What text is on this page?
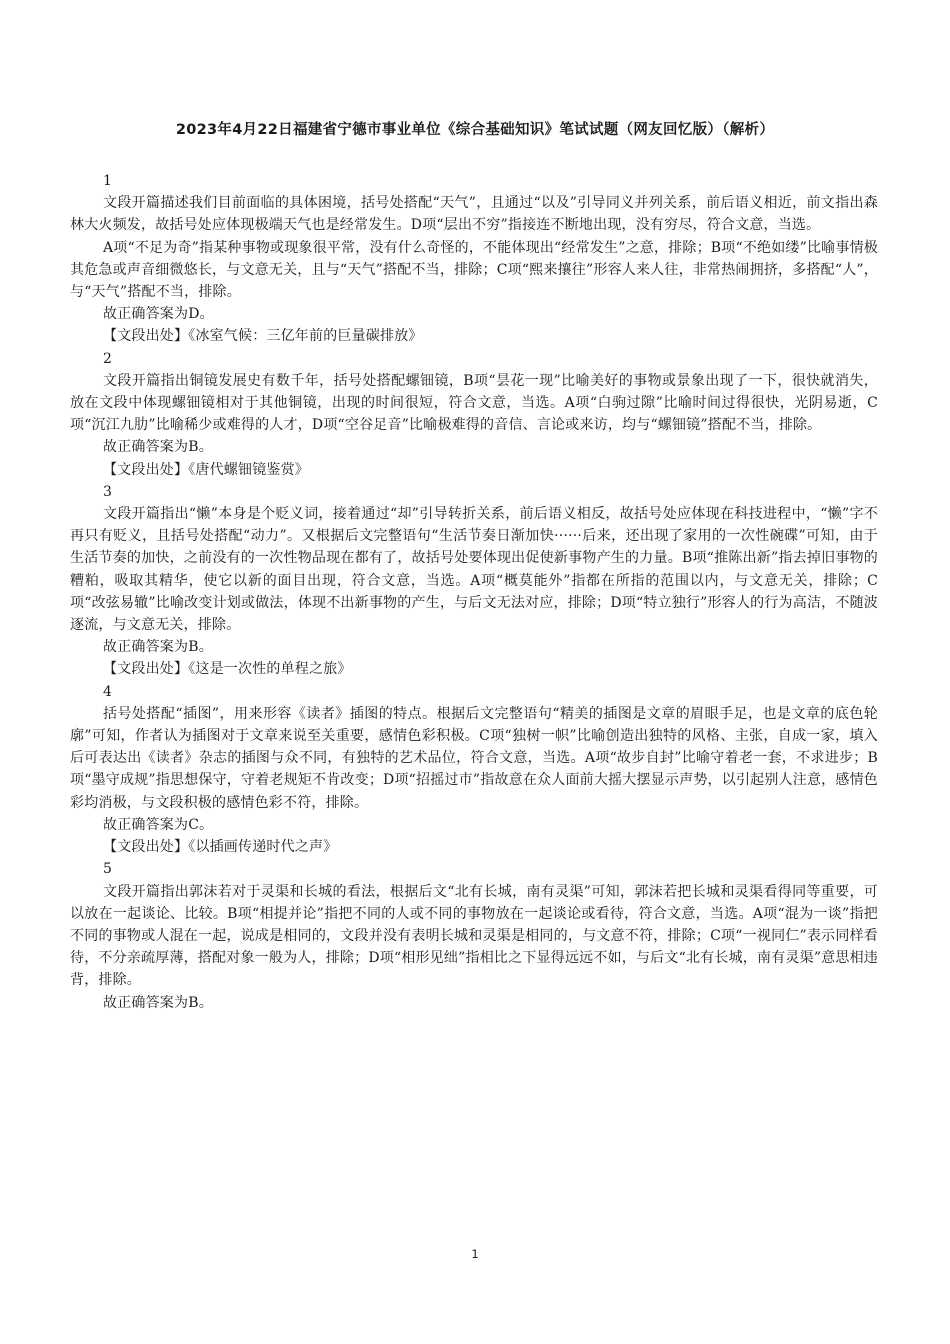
2023年4月22日福建省宁德市事业单位《综合基础知识》笔试试题（网友回忆版）（解析）

1

文段开篇描述我们目前面临的具体困境，括号处搭配“天气”，且通过“以及”引导同义并列关系，前后语义相近，前文指出森林大火频发，故括号处应体现极端天气也是经常发生。D项“层出不穷”指接连不断地出现，没有穷尽，符合文意，当选。

A项“不足为奇”指某种事物或现象很平常，没有什么奇怪的，不能体现出“经常发生”之意，排除；B项“不绝如缕”比喻事情极其危急或声音细微悠长，与文意无关，且与“天气”搭配不当，排除；C项“熙来攘往”形容人来人往，非常热闹拥挤，多搭配“人”，与“天气”搭配不当，排除。

故正确答案为D。

【文段出处】《冰室气候：三亿年前的巨量碳排放》

2

文段开篇指出铜镜发展史有数千年，括号处搭配螺钿镜，B项“昙花一现”比喻美好的事物或景象出现了一下，很快就消失，放在文段中体现螺钿镜相对于其他铜镜，出现的时间很短，符合文意，当选。A项“白驹过隙”比喻时间过得很快，光阴易逝，C项“沉江九肋”比喻稀少或难得的人才，D项“空谷足音”比喻极难得的音信、言论或来访，均与“螺钿镜”搭配不当，排除。

故正确答案为B。

【文段出处】《唐代螺钿镜鉴赏》

3

文段开篇指出“懒”本身是个贬义词，接着通过“却”引导转折关系，前后语义相反，故括号处应体现在科技进程中，“懒”字不再只有贬义，且括号处搭配“动力”。又根据后文完整语句“生活节奏日渐加快······后来，还出现了家用的一次性碗碟”可知，由于生活节奏的加快，之前没有的一次性物品现在都有了，故括号处要体现出促使新事物产生的力量。B项“推陈出新”指去掉旧事物的糟粕，吸取其精华，使它以新的面目出现，符合文意，当选。A项“概莫能外”指都在所指的范围以内，与文意无关，排除；C项“改弦易辙”比喻改变计划或做法，体现不出新事物的产生，与后文无法对应，排除；D项“特立独行”形容人的行为高洁，不随波逐流，与文意无关，排除。

故正确答案为B。

【文段出处】《这是一次性的单程之旅》

4

括号处搭配“插图”，用来形容《读者》插图的特点。根据后文完整语句“精美的插图是文章的眉眼手足，也是文章的底色轮廓”可知，作者认为插图对于文章来说至关重要，感情色彩积极。C项“独树一帜”比喻创造出独特的风格、主张，自成一家，填入后可表达出《读者》杂志的插图与众不同，有独特的艺术品位，符合文意，当选。A项“故步自封”比喻守着老一套，不求进步；B项“墨守成规”指思想保守，守着老规矩不肯改变；D项“招摇过市”指故意在众人面前大摇大摆显示声势，以引起别人注意，感情色彩均消极，与文段积极的感情色彩不符，排除。

故正确答案为C。

【文段出处】《以插画传递时代之声》

5

文段开篇指出郭沫若对于灵渠和长城的看法，根据后文“北有长城，南有灵渠”可知，郭沫若把长城和灵渠看得同等重要，可以放在一起谈论、比较。B项“相提并论”指把不同的人或不同的事物放在一起谈论或看待，符合文意，当选。A项“混为一谈”指把不同的事物或人混在一起，说成是相同的，文段并没有表明长城和灵渠是相同的，与文意不符，排除；C项“一视同仁”表示同样看待，不分亲疏厚薄，搭配对象一般为人，排除；D项“相形见绌”指相比之下显得远远不如，与后文“北有长城，南有灵渠”意思相违背，排除。

故正确答案为B。

1
